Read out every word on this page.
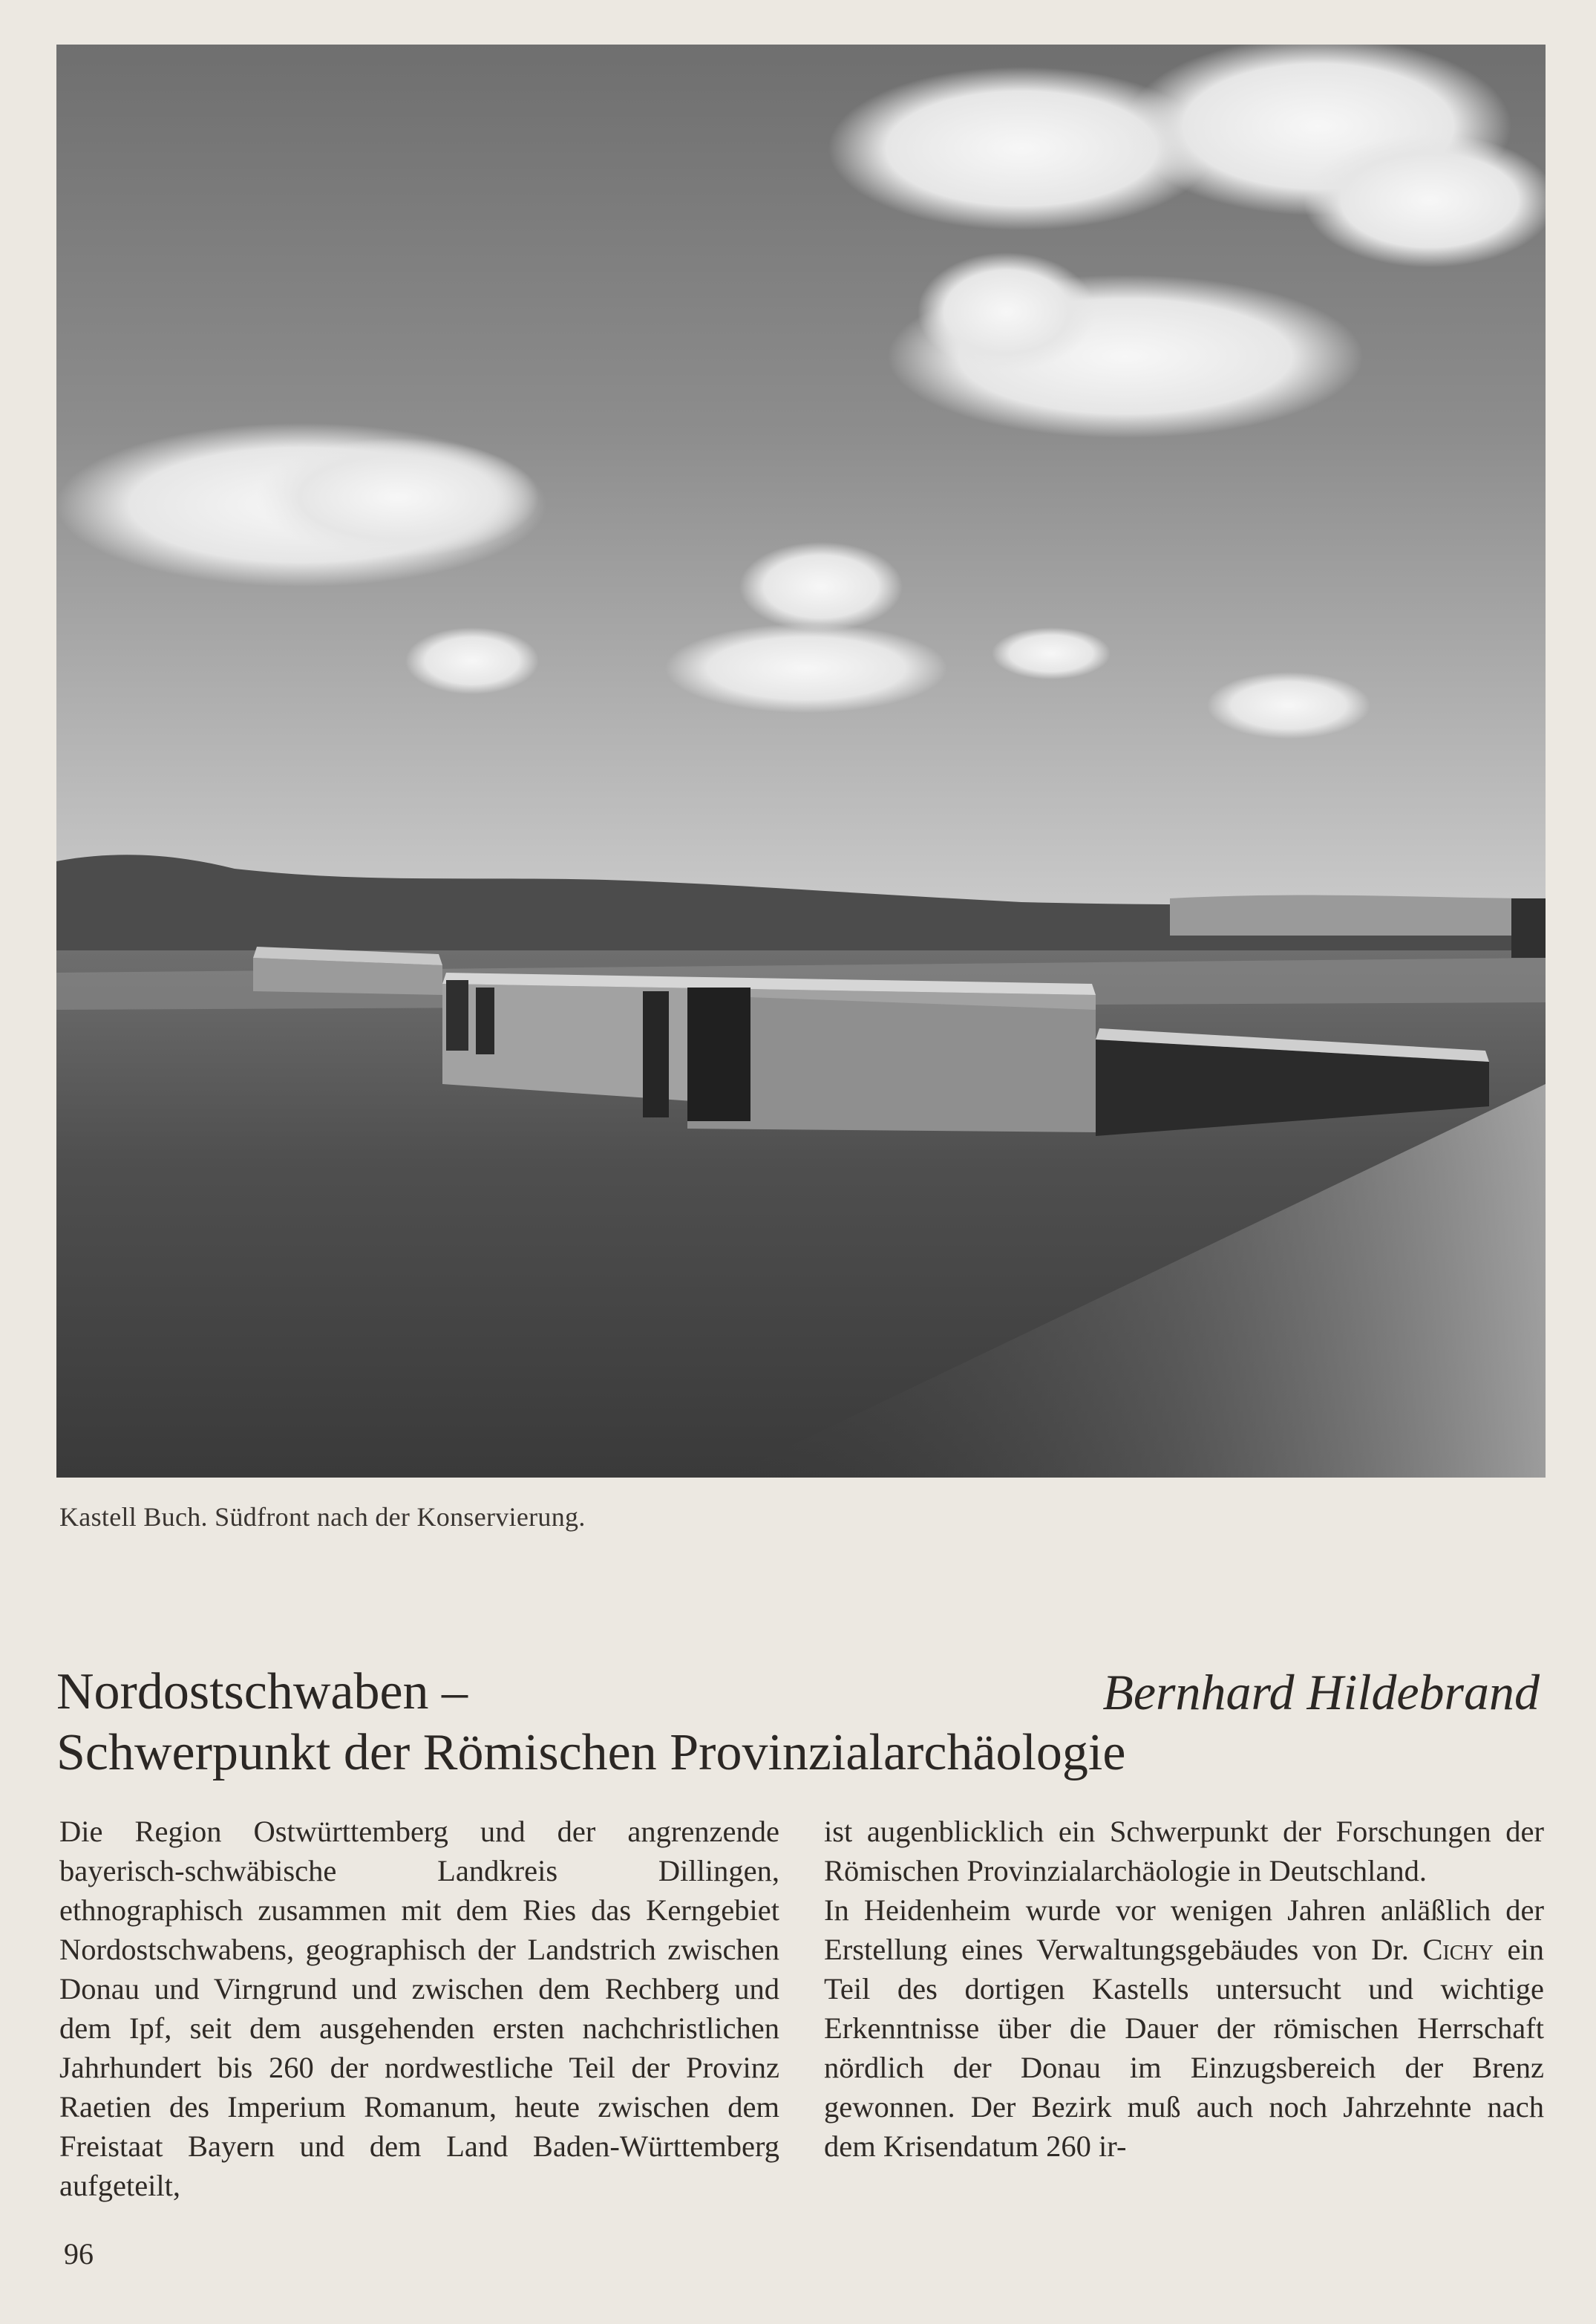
Kastell Buch. Südfront nach der Konservierung.
Nordostschwaben –
Schwerpunkt der Römischen Provinzialarchäologie
Bernhard Hildebrand

Die Region Ostwürttemberg und der angrenzende bayerisch-schwäbische Landkreis Dillingen, ethnographisch zusammen mit dem Ries das Kerngebiet Nordostschwabens, geographisch der Landstrich zwischen Donau und Virngrund und zwischen dem Rechberg und dem Ipf, seit dem ausgehenden ersten nachchristlichen Jahrhundert bis 260 der nordwestliche Teil der Provinz Raetien des Imperium Romanum, heute zwischen dem Freistaat Bayern und dem Land Baden-Württemberg aufgeteilt,

ist augenblicklich ein Schwerpunkt der Forschungen der Römischen Provinzialarchäologie in Deutschland.

In Heidenheim wurde vor wenigen Jahren anläßlich der Erstellung eines Verwaltungsgebäudes von Dr. Cichy ein Teil des dortigen Kastells untersucht und wichtige Erkenntnisse über die Dauer der römischen Herrschaft nördlich der Donau im Einzugsbereich der Brenz gewonnen. Der Bezirk muß auch noch Jahrzehnte nach dem Krisendatum 260 ir-

96
